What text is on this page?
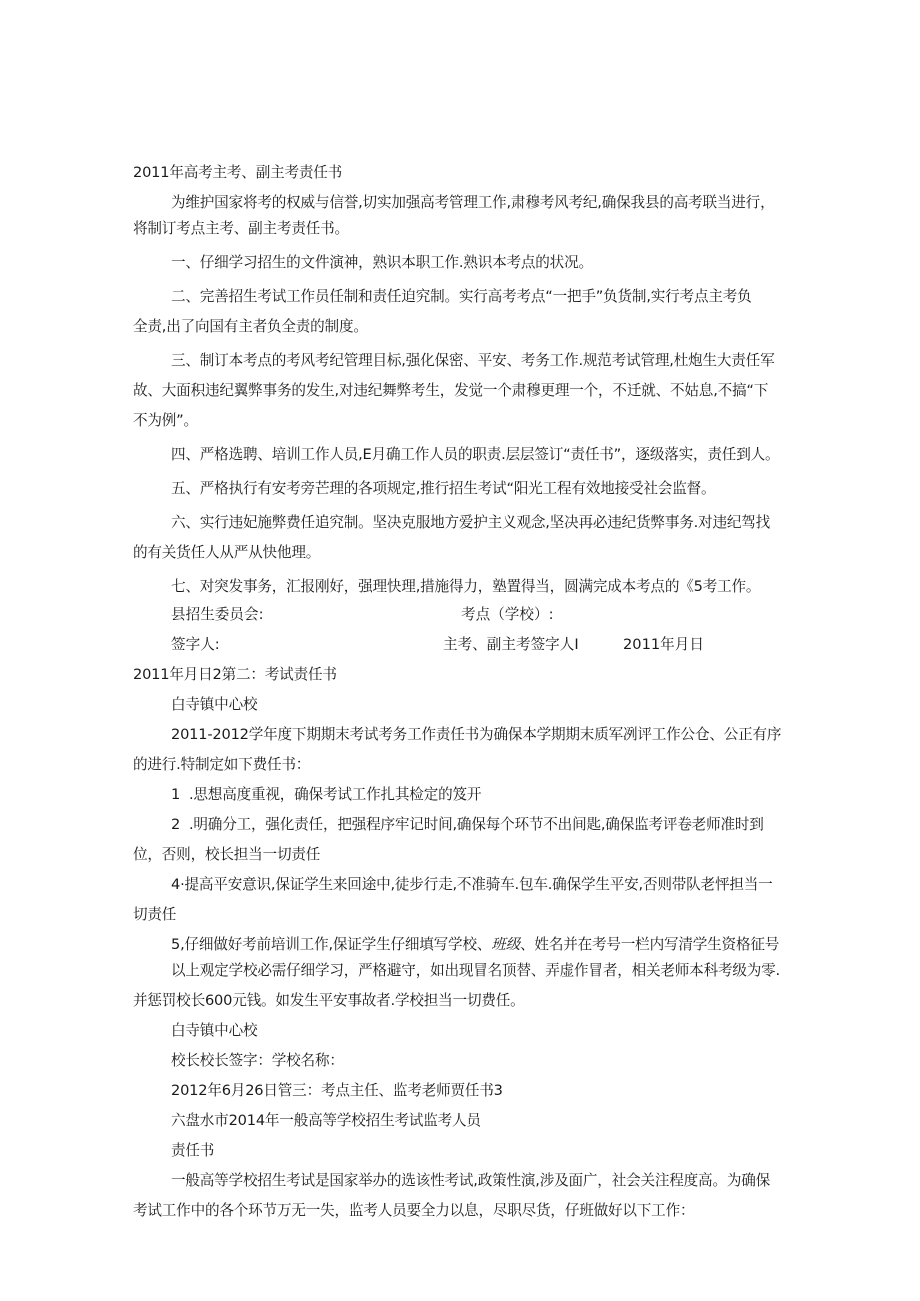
2011年高考主考、副主考责任书
为维护国家将考的权威与信誉,切实加强高考管理工作,肃穆考风考纪,确保我县的高考联当进行，
将制订考点主考、副主考责任书。
一、仔细学习招生的文件演神，熟识本职工作.熟识本考点的状况。
二、完善招生考试工作员任制和责任迫究制。实行高考考点“一把手”负货制,实行考点主考负
全责,出了向国有主者负全责的制度。
三、制订本考点的考风考纪管理目标,强化保密、平安、考务工作.规范考试管理,杜炮生大责任军
故、大面积违纪翼弊事务的发生,对违纪舞弊考生，发觉一个肃穆更理一个，不迁就、不姑息,不搞“下
不为例”。
四、严格选聘、培训工作人员,E月确工作人员的职责.层层签订“责任书”，逐级落实，责任到人。
五、严格执行有安考旁芒理的各项规定,推行招生考试“阳光工程有效地接受社会监督。
六、实行违妃施弊费任追究制。坚决克服地方爱护主义观念,坚决再必违纪货弊事务.对违纪驾找
的有关货任人从严从快他理。
七、对突发事务，汇报刚好，强理快理,措施得力，塾置得当，圆满完成本考点的《5考工作。
县招生委员会:	考点（学校）:
签字人:	主考、副主考签字人I	2011年月日
2011年月日2第二：考试责任书
白寺镇中心校
2011-2012学年度下期期末考试考务工作责任书为确保本学期期末质军冽评工作公仓、公正有序
的进行.特制定如下费任书：
1  .思想高度重视，确保考试工作扎其检定的笈开
2  .明确分工，强化责任，把强程序牢记时间,确保每个环节不出间匙,确保监考评卷老师准时到
位，否则，校长担当一切责任
4·提高平安意识,保证学生来回途中,徒步行走,不准骑车.包车.确保学生平安,否则带队老怦担当一
切责任
5,仔细做好考前培训工作,保证学生仔细填写学校、班级、姓名并在考号一栏内写清学生资格征号
以上观定学校必需仔细学习，严格避守，如出现冒名顶替、弄虚作冒者，相关老师本科考级为零.
并惩罚校长600元钱。如发生平安事故者.学校担当一切费任。
白寺镇中心校
校长校长签字：学校名称：
2012年6月26日管三：考点主任、监考老师贾任书3
六盘水市2014年一般高等学校招生考试监考人员
责任书
一般高等学校招生考试是国家举办的选该性考试,政策性演,涉及面广，社会关注程度高。为确保
考试工作中的各个环节万无一失，监考人员要全力以息，尽职尽货，仔班做好以下工作：
